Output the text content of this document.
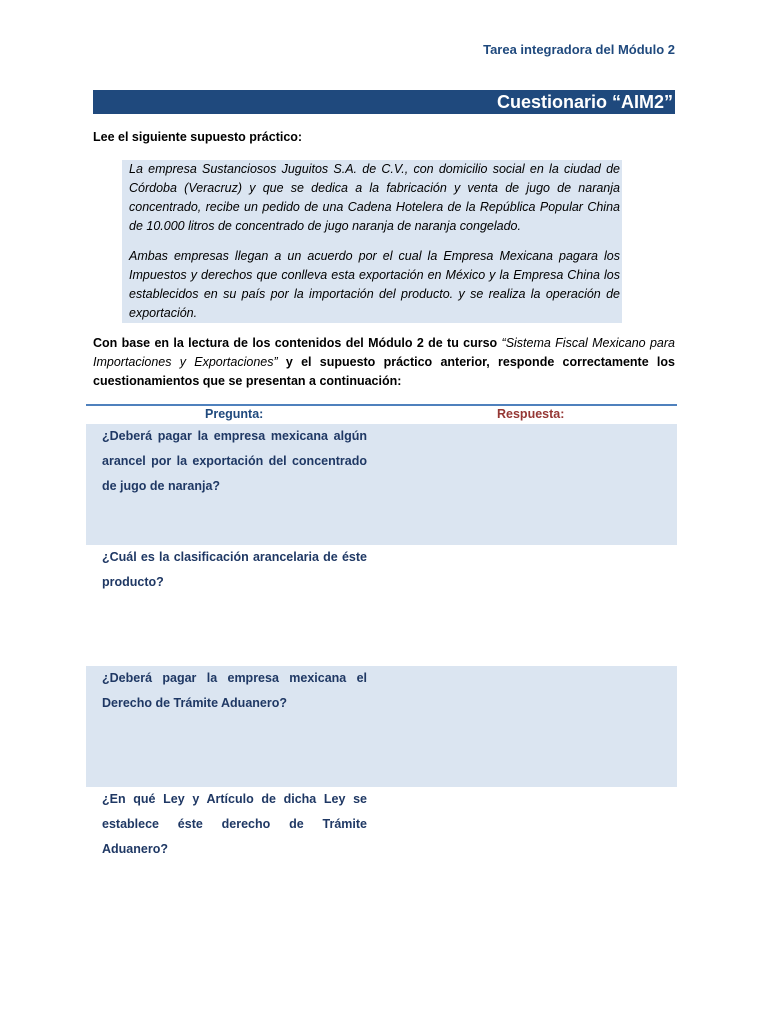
Tarea integradora del Módulo 2
Cuestionario “AIM2”
Lee el siguiente supuesto práctico:

La empresa Sustanciosos Juguitos S.A. de C.V., con domicilio social en la ciudad de Córdoba (Veracruz) y que se dedica a la fabricación y venta de jugo de naranja concentrado, recibe un pedido de una Cadena Hotelera de la República Popular China de 10.000 litros de concentrado de jugo naranja de naranja congelado.

Ambas empresas llegan a un acuerdo por el cual la Empresa Mexicana pagara los Impuestos y derechos que conlleva esta exportación en México y la Empresa China los establecidos en su país por la importación del producto. y se realiza la operación de exportación.

Con base en la lectura de los contenidos del Módulo 2 de tu curso “Sistema Fiscal Mexicano para Importaciones y Exportaciones” y el supuesto práctico anterior, responde correctamente los cuestionamientos que se presentan a continuación:
Pregunta:	Respuesta:
¿Deberá pagar la empresa mexicana algún arancel por la exportación del concentrado de jugo de naranja?
¿Cuál es la clasificación arancelaria de éste producto?
¿Deberá pagar la empresa mexicana el Derecho de Trámite Aduanero?
¿En qué Ley y Artículo de dicha Ley se establece éste derecho de Trámite Aduanero?
